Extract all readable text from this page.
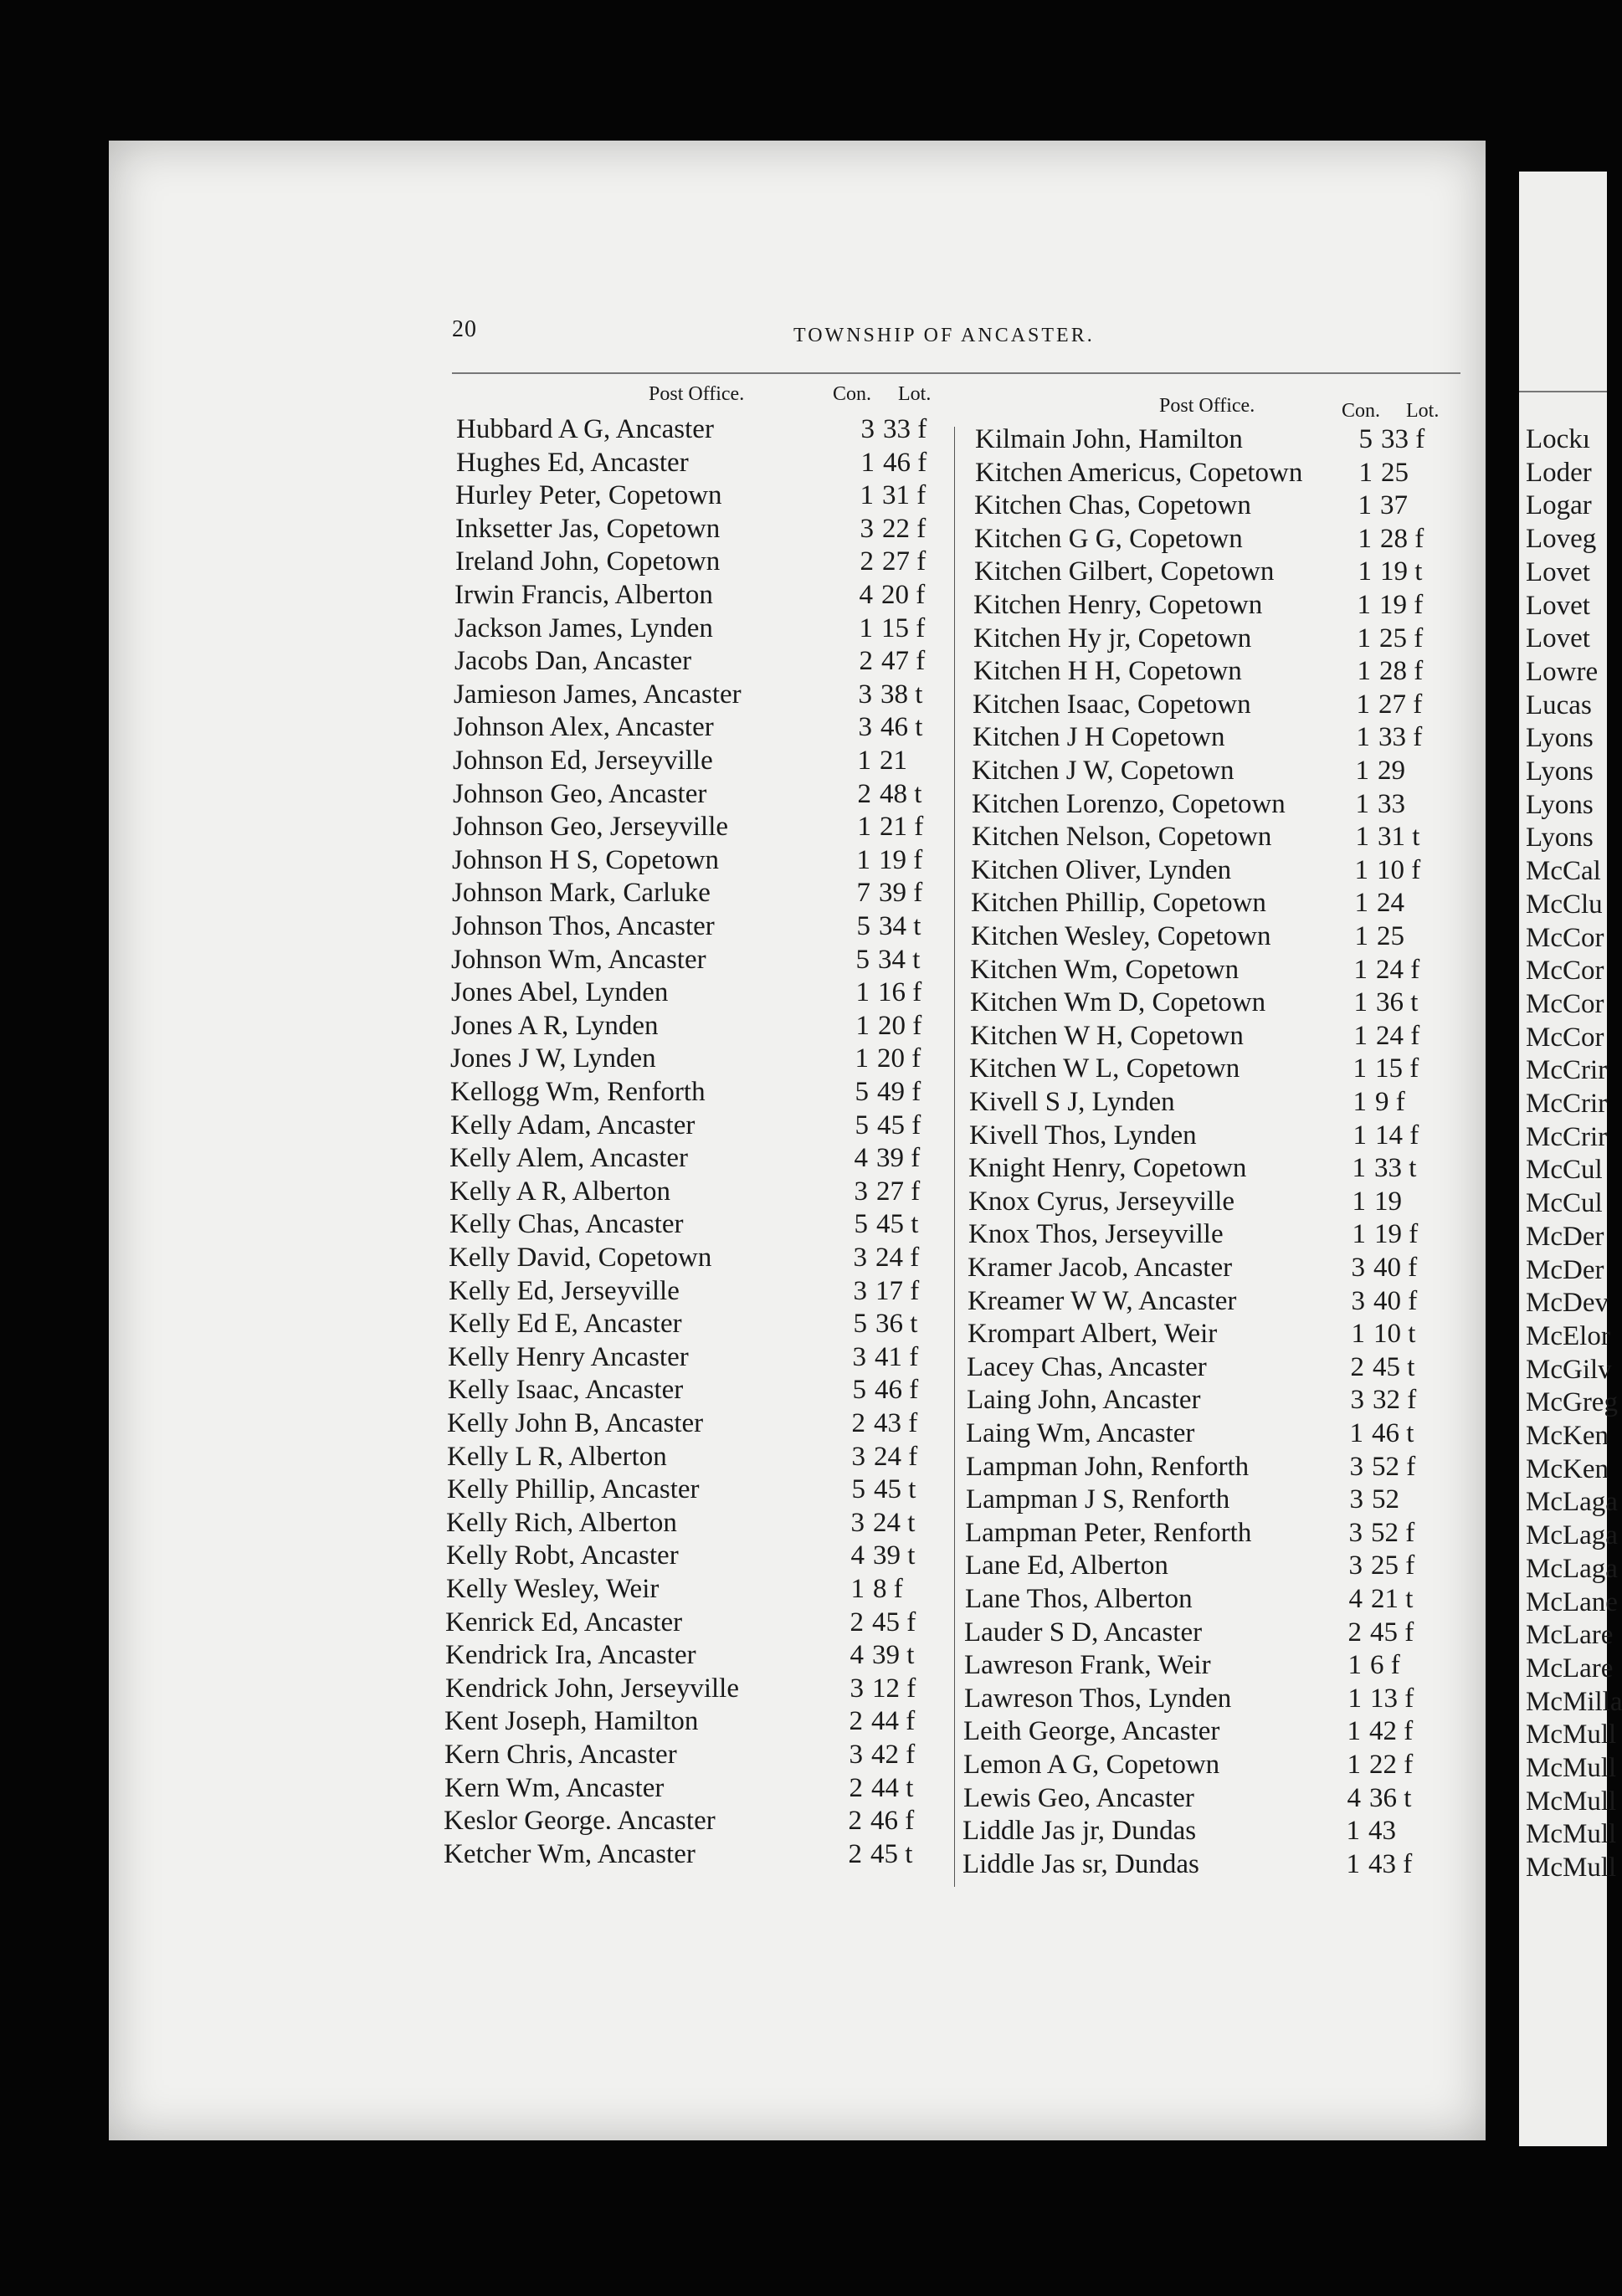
Lockı
Loder
Logar
Loveg
Lovet
Lovet
Lovet
Lowre
Lucas
Lyons
Lyons
Lyons
Lyons
McCal
McClu
McCor
McCor
McCor
McCor
McCrir
McCrir
McCrir
McCul
McCul
McDer
McDer
McDev
McElor
McGilv
McGreg
McKen
McKen
McLaga
McLaga
McLaga
McLane
McLare
McLare
McMilla
McMull
McMull
McMull
McMull
McMull
20	TOWNSHIP OF ANCASTER.
Post Office.	Con. Lot.
Post Office.	Con. Lot.
Hubbard A G, Ancaster	3 33 f
Hughes Ed, Ancaster	1 46 f
Hurley Peter, Copetown	1 31 f
Inksetter Jas, Copetown	3 22 f
Ireland John, Copetown	2 27 f
Irwin Francis, Alberton	4 20 f
Jackson James, Lynden	1 15 f
Jacobs Dan, Ancaster	2 47 f
Jamieson James, Ancaster	3 38 t
Johnson Alex, Ancaster	3 46 t
Johnson Ed, Jerseyville	1 21
Johnson Geo, Ancaster	2 48 t
Johnson Geo, Jerseyville	1 21 f
Johnson H S, Copetown	1 19 f
Johnson Mark, Carluke	7 39 f
Johnson Thos, Ancaster	5 34 t
Johnson Wm, Ancaster	5 34 t
Jones Abel, Lynden	1 16 f
Jones A R, Lynden	1 20 f
Jones J W, Lynden	1 20 f
Kellogg Wm, Renforth	5 49 f
Kelly Adam, Ancaster	5 45 f
Kelly Alem, Ancaster	4 39 f
Kelly A R, Alberton	3 27 f
Kelly Chas, Ancaster	5 45 t
Kelly David, Copetown	3 24 f
Kelly Ed, Jerseyville	3 17 f
Kelly Ed E, Ancaster	5 36 t
Kelly Henry Ancaster	3 41 f
Kelly Isaac, Ancaster	5 46 f
Kelly John B, Ancaster	2 43 f
Kelly L R, Alberton	3 24 f
Kelly Phillip, Ancaster	5 45 t
Kelly Rich, Alberton	3 24 t
Kelly Robt, Ancaster	4 39 t
Kelly Wesley, Weir	1 8 f
Kenrick Ed, Ancaster	2 45 f
Kendrick Ira, Ancaster	4 39 t
Kendrick John, Jerseyville	3 12 f
Kent Joseph, Hamilton	2 44 f
Kern Chris, Ancaster	3 42 f
Kern Wm, Ancaster	2 44 t
Keslor George. Ancaster	2 46 f
Ketcher Wm, Ancaster	2 45 t
Kilmain John, Hamilton	5 33 f
Kitchen Americus, Copetown	1 25
Kitchen Chas, Copetown	1 37
Kitchen G G, Copetown	1 28 f
Kitchen Gilbert, Copetown	1 19 t
Kitchen Henry, Copetown	1 19 f
Kitchen Hy jr, Copetown	1 25 f
Kitchen H H, Copetown	1 28 f
Kitchen Isaac, Copetown	1 27 f
Kitchen J H Copetown	1 33 f
Kitchen J W, Copetown	1 29
Kitchen Lorenzo, Copetown	1 33
Kitchen Nelson, Copetown	1 31 t
Kitchen Oliver, Lynden	1 10 f
Kitchen Phillip, Copetown	1 24
Kitchen Wesley, Copetown	1 25
Kitchen Wm, Copetown	1 24 f
Kitchen Wm D, Copetown	1 36 t
Kitchen W H, Copetown	1 24 f
Kitchen W L, Copetown	1 15 f
Kivell S J, Lynden	1 9 f
Kivell Thos, Lynden	1 14 f
Knight Henry, Copetown	1 33 t
Knox Cyrus, Jerseyville	1 19
Knox Thos, Jerseyville	1 19 f
Kramer Jacob, Ancaster	3 40 f
Kreamer W W, Ancaster	3 40 f
Krompart Albert, Weir	1 10 t
Lacey Chas, Ancaster	2 45 t
Laing John, Ancaster	3 32 f
Laing Wm, Ancaster	1 46 t
Lampman John, Renforth	3 52 f
Lampman J S, Renforth	3 52
Lampman Peter, Renforth	3 52 f
Lane Ed, Alberton	3 25 f
Lane Thos, Alberton	4 21 t
Lauder S D, Ancaster	2 45 f
Lawreson Frank, Weir	1 6 f
Lawreson Thos, Lynden	1 13 f
Leith George, Ancaster	1 42 f
Lemon A G, Copetown	1 22 f
Lewis Geo, Ancaster	4 36 t
Liddle Jas jr, Dundas	1 43
Liddle Jas sr, Dundas	1 43 f
